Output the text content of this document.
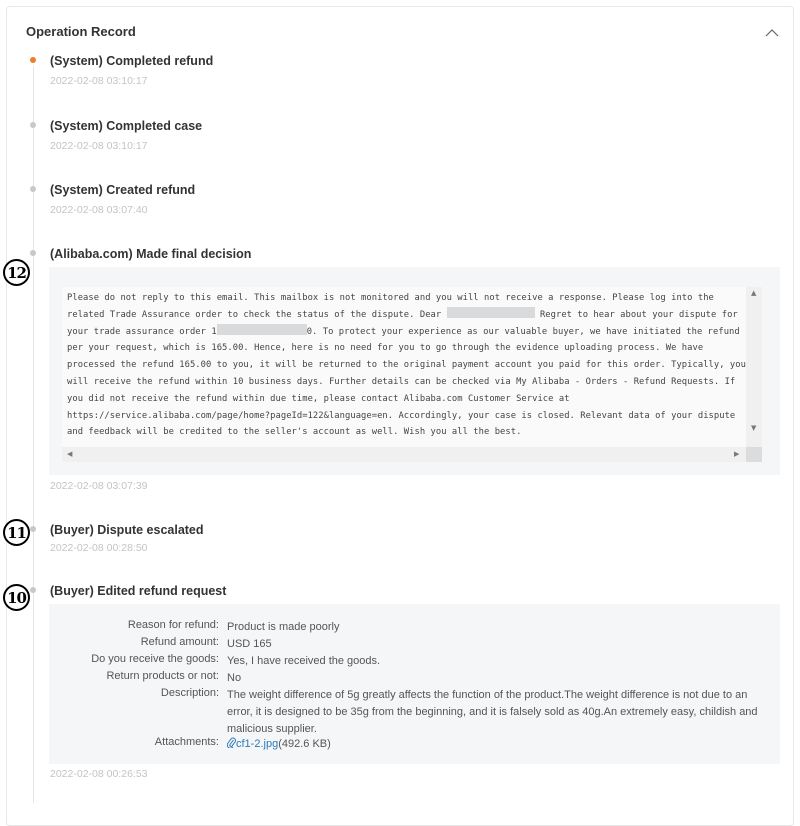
Operation Record
(System) Completed refund
2022-02-08 03:10:17
(System) Completed case
2022-02-08 03:10:17
(System) Created refund
2022-02-08 03:07:40
(Alibaba.com) Made final decision
12
Please do not reply to this email. This mailbox is not monitored and you will not receive a response. Please log into the
related Trade Assurance order to check the status of the dispute. Dear	Regret to hear about your dispute for
your trade assurance order 1	0. To protect your experience as our valuable buyer, we have initiated the refund
per your request, which is 165.00. Hence, here is no need for you to go through the evidence uploading process. We have
processed the refund 165.00 to you, it will be returned to the original payment account you paid for this order. Typically, you
will receive the refund within 10 business days. Further details can be checked via My Alibaba - Orders - Refund Requests. If
you did not receive the refund within due time, please contact Alibaba.com Customer Service at
https://service.alibaba.com/page/home?pageId=122&language=en. Accordingly, your case is closed. Relevant data of your dispute
and feedback will be credited to the seller's account as well. Wish you all the best.
▲
▼
◀	▶
2022-02-08 03:07:39
(Buyer) Dispute escalated
2022-02-08 00:28:50
11
(Buyer) Edited refund request
10
Reason for refund: Product is made poorly
Refund amount: USD 165
Do you receive the goods: Yes, I have received the goods.
Return products or not: No
Description: The weight difference of 5g greatly affects the function of the product.The weight difference is not due to an error, it is designed to be 35g from the beginning, and it is falsely sold as 40g.An extremely easy, childish and malicious supplier.
Attachments:	cf1-2.jpg(492.6 KB)
2022-02-08 00:26:53
